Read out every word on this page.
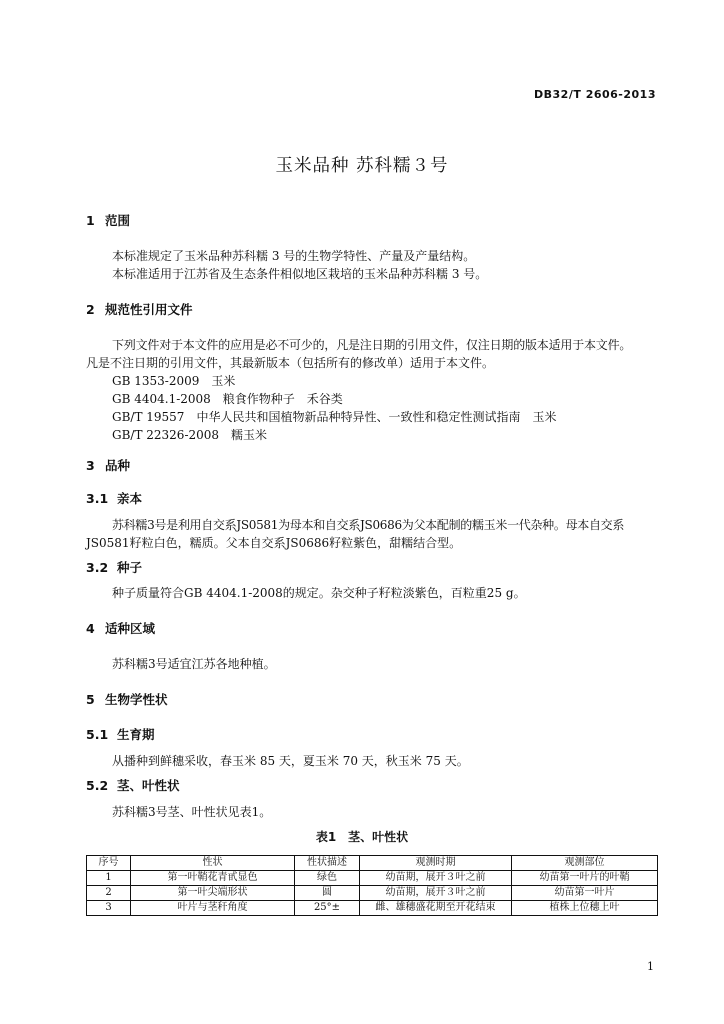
DB32/T 2606-2013
玉米品种 苏科糯３号
1 范围
本标准规定了玉米品种苏科糯 3 号的生物学特性、产量及产量结构。
本标准适用于江苏省及生态条件相似地区栽培的玉米品种苏科糯 3 号。
2 规范性引用文件
下列文件对于本文件的应用是必不可少的，凡是注日期的引用文件，仅注日期的版本适用于本文件。
凡是不注日期的引用文件，其最新版本（包括所有的修改单）适用于本文件。
GB 1353-2009　玉米
GB 4404.1-2008　粮食作物种子　禾谷类
GB/T 19557　中华人民共和国植物新品种特异性、一致性和稳定性测试指南　玉米
GB/T 22326-2008　糯玉米
3 品种
3.1 亲本
苏科糯3号是利用自交系JS0581为母本和自交系JS0686为父本配制的糯玉米一代杂种。母本自交系
JS0581籽粒白色，糯质。父本自交系JS0686籽粒紫色，甜糯结合型。
3.2 种子
种子质量符合GB 4404.1-2008的规定。杂交种子籽粒淡紫色，百粒重25 g。
4 适种区域
苏科糯3号适宜江苏各地种植。
5 生物学性状
5.1 生育期
从播种到鲜穗采收，春玉米 85 天，夏玉米 70 天，秋玉米 75 天。
5.2 茎、叶性状
苏科糯3号茎、叶性状见表1。
表1　茎、叶性状
序号	性状	性状描述	观测时期	观测部位
1	第一叶鞘花青甙显色	绿色	幼苗期，展开３叶之前	幼苗第一叶片的叶鞘
2	第一叶尖端形状	圆	幼苗期，展开３叶之前	幼苗第一叶片
3	叶片与茎秆角度	25°±	雌、雄穗盛花期至开花结束	植株上位穗上叶
1
